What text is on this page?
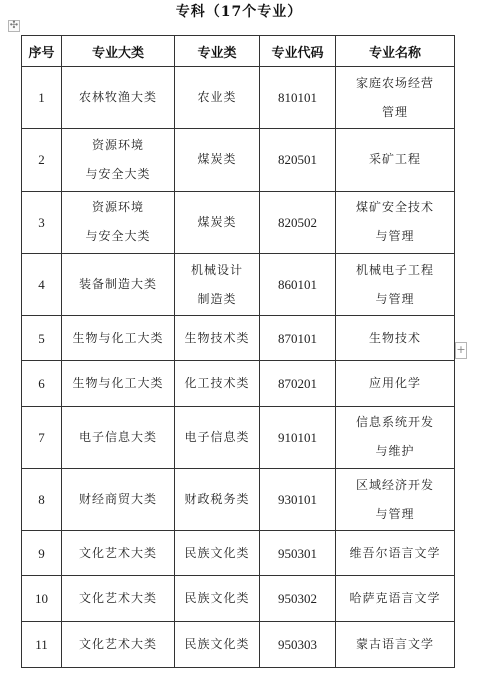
专科（17个专业）
✣
+
序号	专业大类	专业类	专业代码	专业名称
1	农林牧渔大类	农业类	810101	家庭农场经营
管理

2	资源环境
与安全大类	煤炭类	820501	采矿工程

3	资源环境
与安全大类	煤炭类	820502	煤矿安全技术
与管理

4	装备制造大类	机械设计
制造类	860101	机械电子工程
与管理

5	生物与化工大类	生物技术类	870101	生物技术

6	生物与化工大类	化工技术类	870201	应用化学

7	电子信息大类	电子信息类	910101	信息系统开发
与维护

8	财经商贸大类	财政税务类	930101	区域经济开发
与管理

9	文化艺术大类	民族文化类	950301	维吾尔语言文学

10	文化艺术大类	民族文化类	950302	哈萨克语言文学

11	文化艺术大类	民族文化类	950303	蒙古语言文学
